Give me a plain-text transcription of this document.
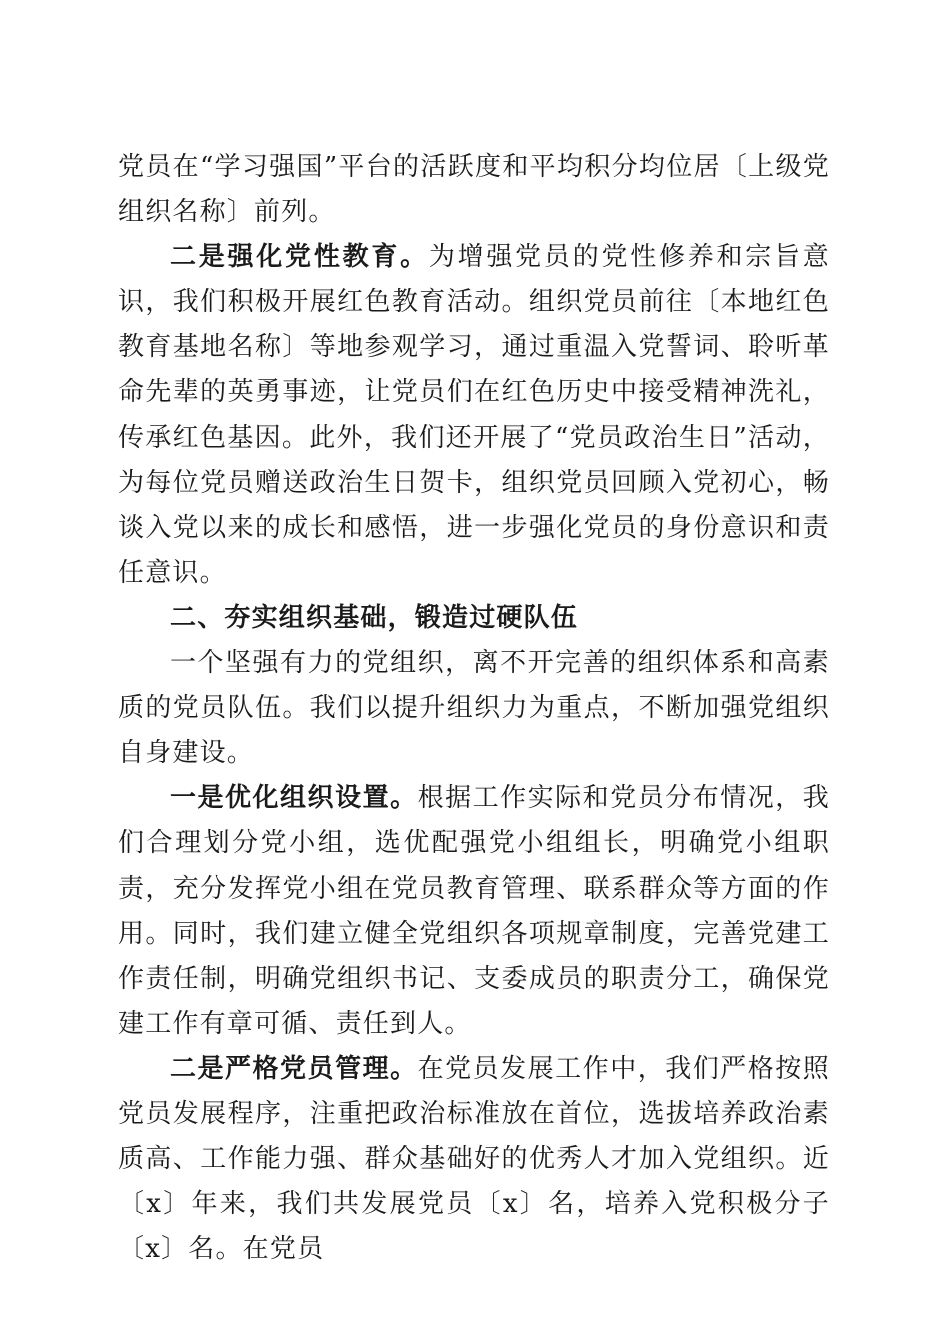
党员在“学习强国”平台的活跃度和平均积分均位居〔上级党组织名称〕前列。

二是强化党性教育。为增强党员的党性修养和宗旨意识，我们积极开展红色教育活动。组织党员前往〔本地红色教育基地名称〕等地参观学习，通过重温入党誓词、聆听革命先辈的英勇事迹，让党员们在红色历史中接受精神洗礼，传承红色基因。此外，我们还开展了“党员政治生日”活动，为每位党员赠送政治生日贺卡，组织党员回顾入党初心，畅谈入党以来的成长和感悟，进一步强化党员的身份意识和责任意识。

二、夯实组织基础，锻造过硬队伍

一个坚强有力的党组织，离不开完善的组织体系和高素质的党员队伍。我们以提升组织力为重点，不断加强党组织自身建设。

一是优化组织设置。根据工作实际和党员分布情况，我们合理划分党小组，选优配强党小组组长，明确党小组职责，充分发挥党小组在党员教育管理、联系群众等方面的作用。同时，我们建立健全党组织各项规章制度，完善党建工作责任制，明确党组织书记、支委成员的职责分工，确保党建工作有章可循、责任到人。

二是严格党员管理。在党员发展工作中，我们严格按照党员发展程序，注重把政治标准放在首位，选拔培养政治素质高、工作能力强、群众基础好的优秀人才加入党组织。近〔x〕年来，我们共发展党员〔x〕名，培养入党积极分子〔x〕名。在党员
